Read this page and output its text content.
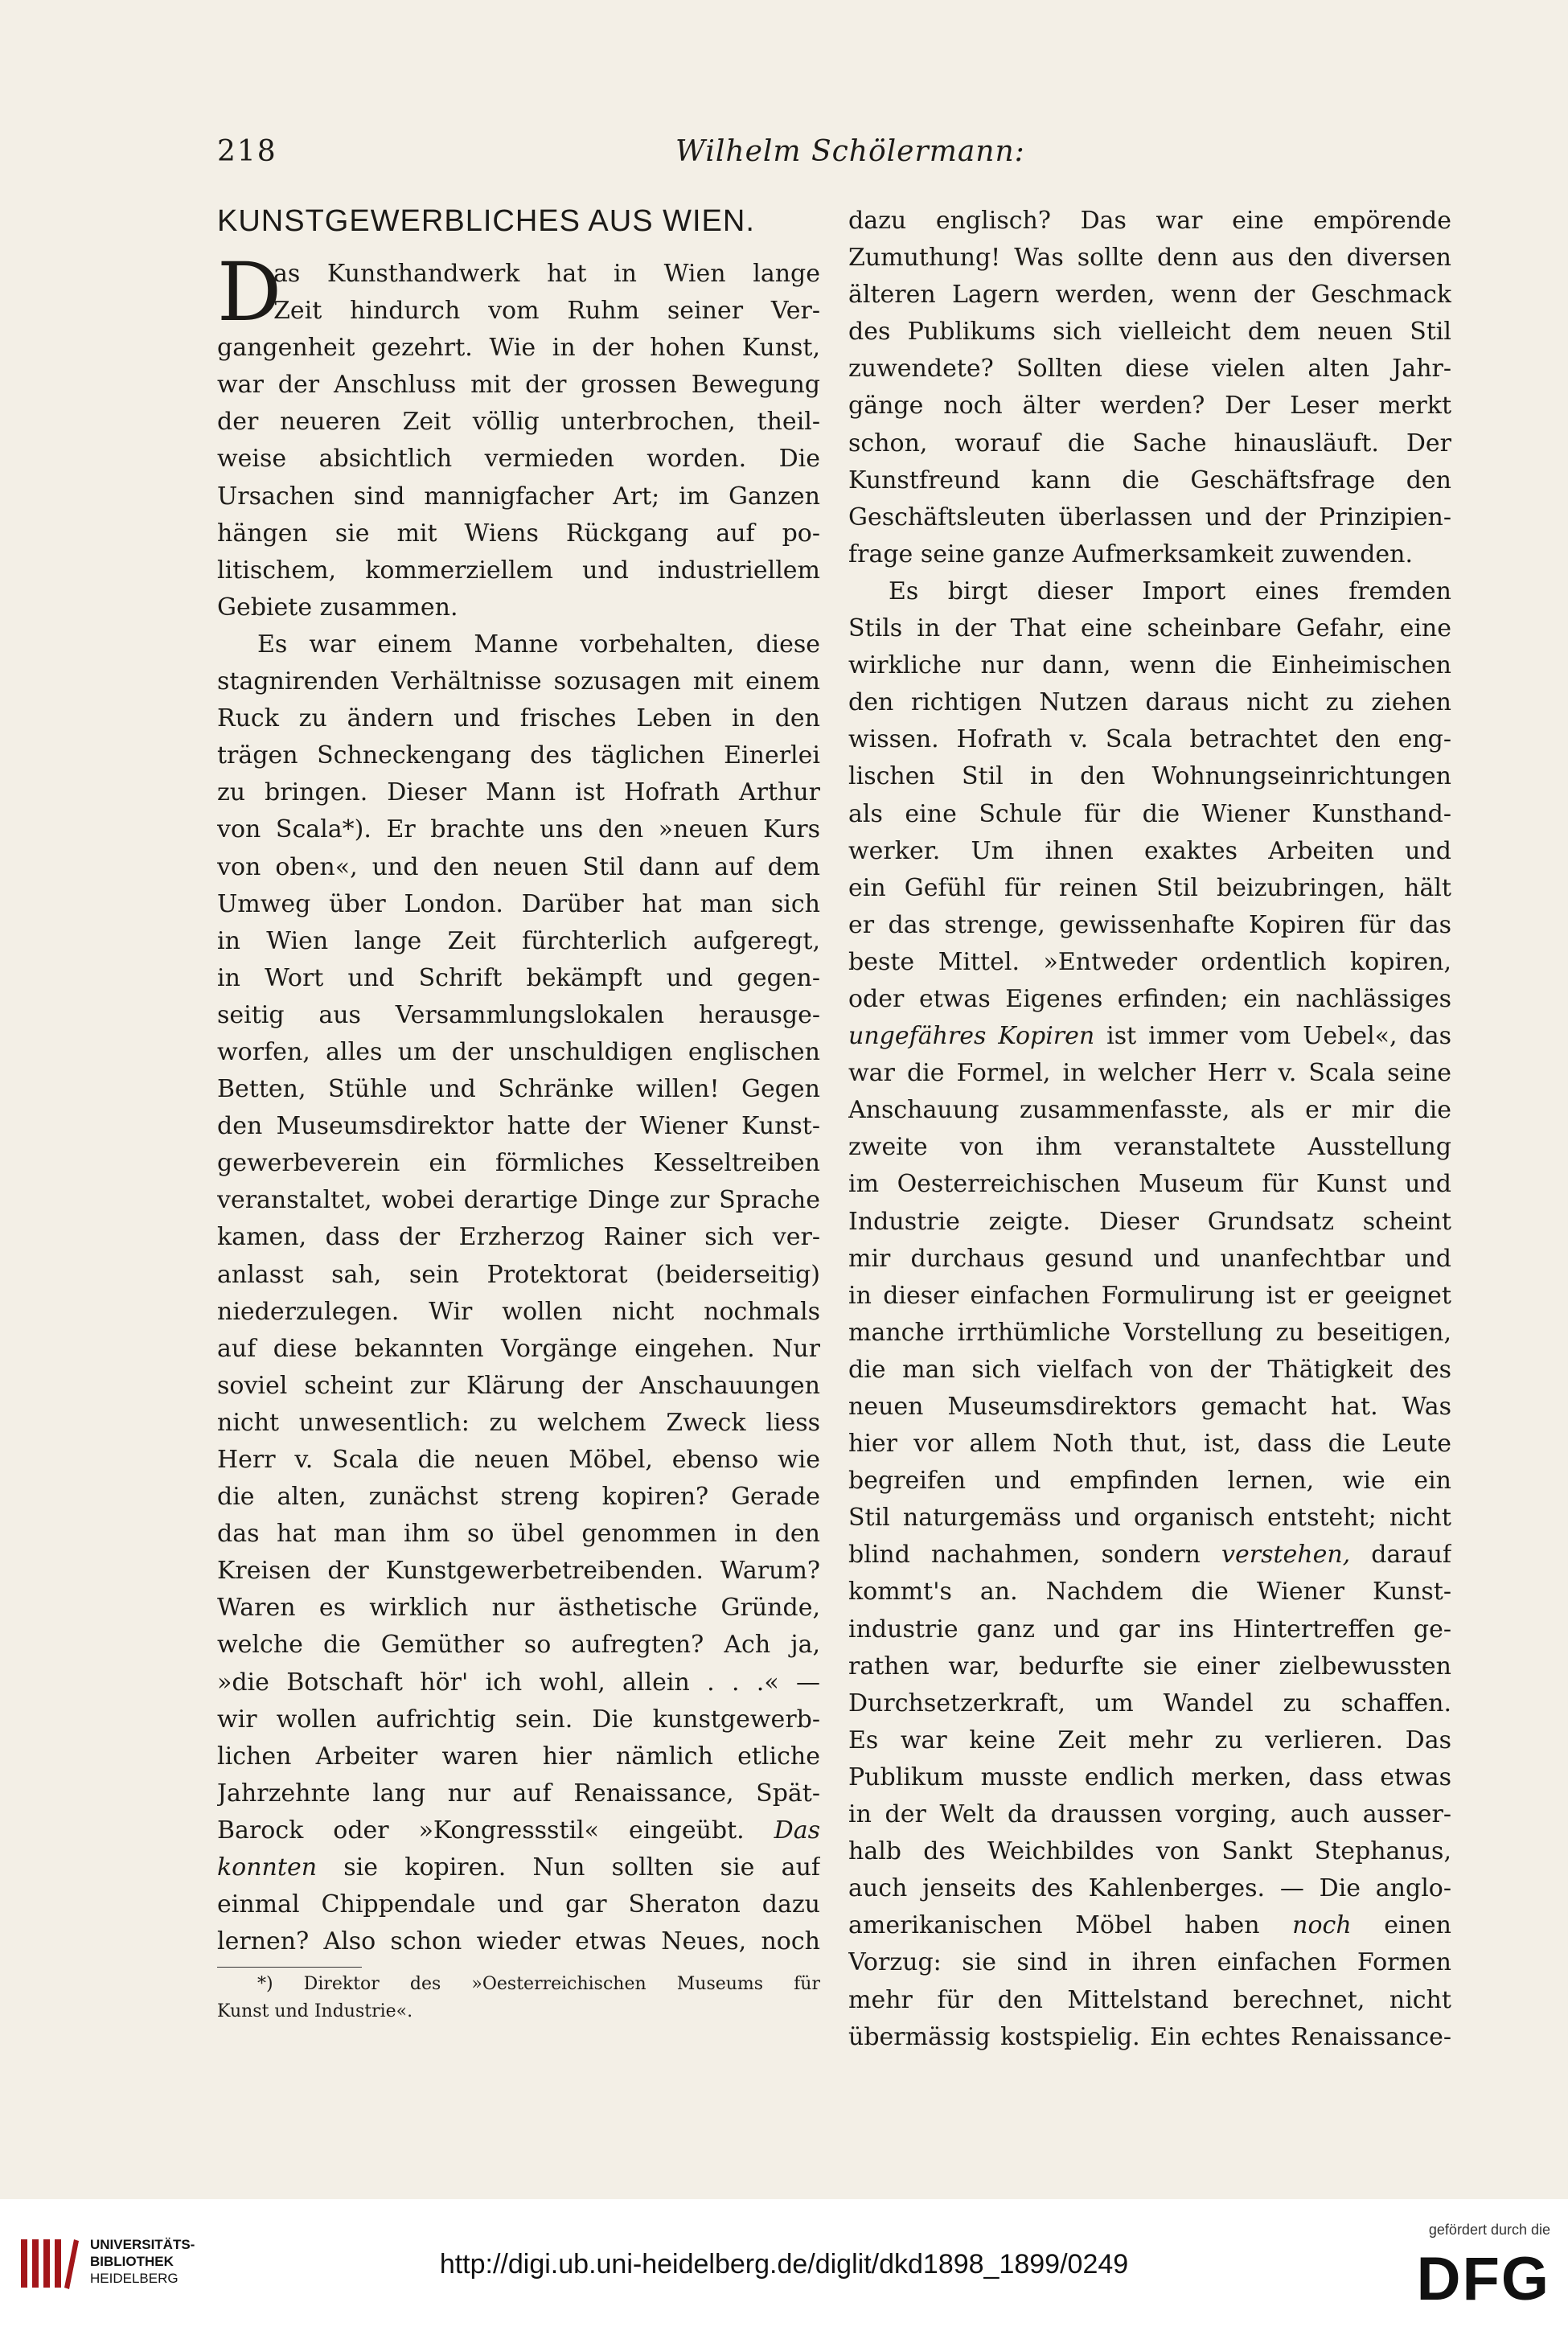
218	Wilhelm Schölermann:
KUNSTGEWERBLICHES AUS WIEN.
D
as Kunsthandwerk hat in Wien lange
Zeit hindurch vom Ruhm seiner Ver-
gangenheit gezehrt. Wie in der hohen Kunst,
war der Anschluss mit der grossen Bewegung
der neueren Zeit völlig unterbrochen, theil-
weise absichtlich vermieden worden. Die
Ursachen sind mannigfacher Art; im Ganzen
hängen sie mit Wiens Rückgang auf po-
litischem, kommerziellem und industriellem
Gebiete zusammen.
Es war einem Manne vorbehalten, diese
stagnirenden Verhältnisse sozusagen mit einem
Ruck zu ändern und frisches Leben in den
trägen Schneckengang des täglichen Einerlei
zu bringen. Dieser Mann ist Hofrath Arthur
von Scala*). Er brachte uns den »neuen Kurs
von oben«, und den neuen Stil dann auf dem
Umweg über London. Darüber hat man sich
in Wien lange Zeit fürchterlich aufgeregt,
in Wort und Schrift bekämpft und gegen-
seitig aus Versammlungslokalen herausge-
worfen, alles um der unschuldigen englischen
Betten, Stühle und Schränke willen! Gegen
den Museumsdirektor hatte der Wiener Kunst-
gewerbeverein ein förmliches Kesseltreiben
veranstaltet, wobei derartige Dinge zur Sprache
kamen, dass der Erzherzog Rainer sich ver-
anlasst sah, sein Protektorat (beiderseitig)
niederzulegen. Wir wollen nicht nochmals
auf diese bekannten Vorgänge eingehen. Nur
soviel scheint zur Klärung der Anschauungen
nicht unwesentlich: zu welchem Zweck liess
Herr v. Scala die neuen Möbel, ebenso wie
die alten, zunächst streng kopiren? Gerade
das hat man ihm so übel genommen in den
Kreisen der Kunstgewerbetreibenden. Warum?
Waren es wirklich nur ästhetische Gründe,
welche die Gemüther so aufregten? Ach ja,
»die Botschaft hör' ich wohl, allein . . .« —
wir wollen aufrichtig sein. Die kunstgewerb-
lichen Arbeiter waren hier nämlich etliche
Jahrzehnte lang nur auf Renaissance, Spät-
Barock oder »Kongressstil« eingeübt. Das
konnten sie kopiren. Nun sollten sie auf
einmal Chippendale und gar Sheraton dazu
lernen? Also schon wieder etwas Neues, noch
*) Direktor des »Oesterreichischen Museums für
Kunst und Industrie«.
dazu englisch? Das war eine empörende
Zumuthung! Was sollte denn aus den diversen
älteren Lagern werden, wenn der Geschmack
des Publikums sich vielleicht dem neuen Stil
zuwendete? Sollten diese vielen alten Jahr-
gänge noch älter werden? Der Leser merkt
schon, worauf die Sache hinausläuft. Der
Kunstfreund kann die Geschäftsfrage den
Geschäftsleuten überlassen und der Prinzipien-
frage seine ganze Aufmerksamkeit zuwenden.
Es birgt dieser Import eines fremden
Stils in der That eine scheinbare Gefahr, eine
wirkliche nur dann, wenn die Einheimischen
den richtigen Nutzen daraus nicht zu ziehen
wissen. Hofrath v. Scala betrachtet den eng-
lischen Stil in den Wohnungseinrichtungen
als eine Schule für die Wiener Kunsthand-
werker. Um ihnen exaktes Arbeiten und
ein Gefühl für reinen Stil beizubringen, hält
er das strenge, gewissenhafte Kopiren für das
beste Mittel. »Entweder ordentlich kopiren,
oder etwas Eigenes erfinden; ein nachlässiges
ungefähres Kopiren ist immer vom Uebel«, das
war die Formel, in welcher Herr v. Scala seine
Anschauung zusammenfasste, als er mir die
zweite von ihm veranstaltete Ausstellung
im Oesterreichischen Museum für Kunst und
Industrie zeigte. Dieser Grundsatz scheint
mir durchaus gesund und unanfechtbar und
in dieser einfachen Formulirung ist er geeignet
manche irrthümliche Vorstellung zu beseitigen,
die man sich vielfach von der Thätigkeit des
neuen Museumsdirektors gemacht hat. Was
hier vor allem Noth thut, ist, dass die Leute
begreifen und empfinden lernen, wie ein
Stil naturgemäss und organisch entsteht; nicht
blind nachahmen, sondern verstehen, darauf
kommt's an. Nachdem die Wiener Kunst-
industrie ganz und gar ins Hintertreffen ge-
rathen war, bedurfte sie einer zielbewussten
Durchsetzerkraft, um Wandel zu schaffen.
Es war keine Zeit mehr zu verlieren. Das
Publikum musste endlich merken, dass etwas
in der Welt da draussen vorging, auch ausser-
halb des Weichbildes von Sankt Stephanus,
auch jenseits des Kahlenberges. — Die anglo-
amerikanischen Möbel haben noch einen
Vorzug: sie sind in ihren einfachen Formen
mehr für den Mittelstand berechnet, nicht
übermässig kostspielig. Ein echtes Renaissance-
UNIVERSITÄTS-
BIBLIOTHEK
HEIDELBERG	http://digi.ub.uni-heidelberg.de/diglit/dkd1898_1899/0249
gefördert durch die
DFG
